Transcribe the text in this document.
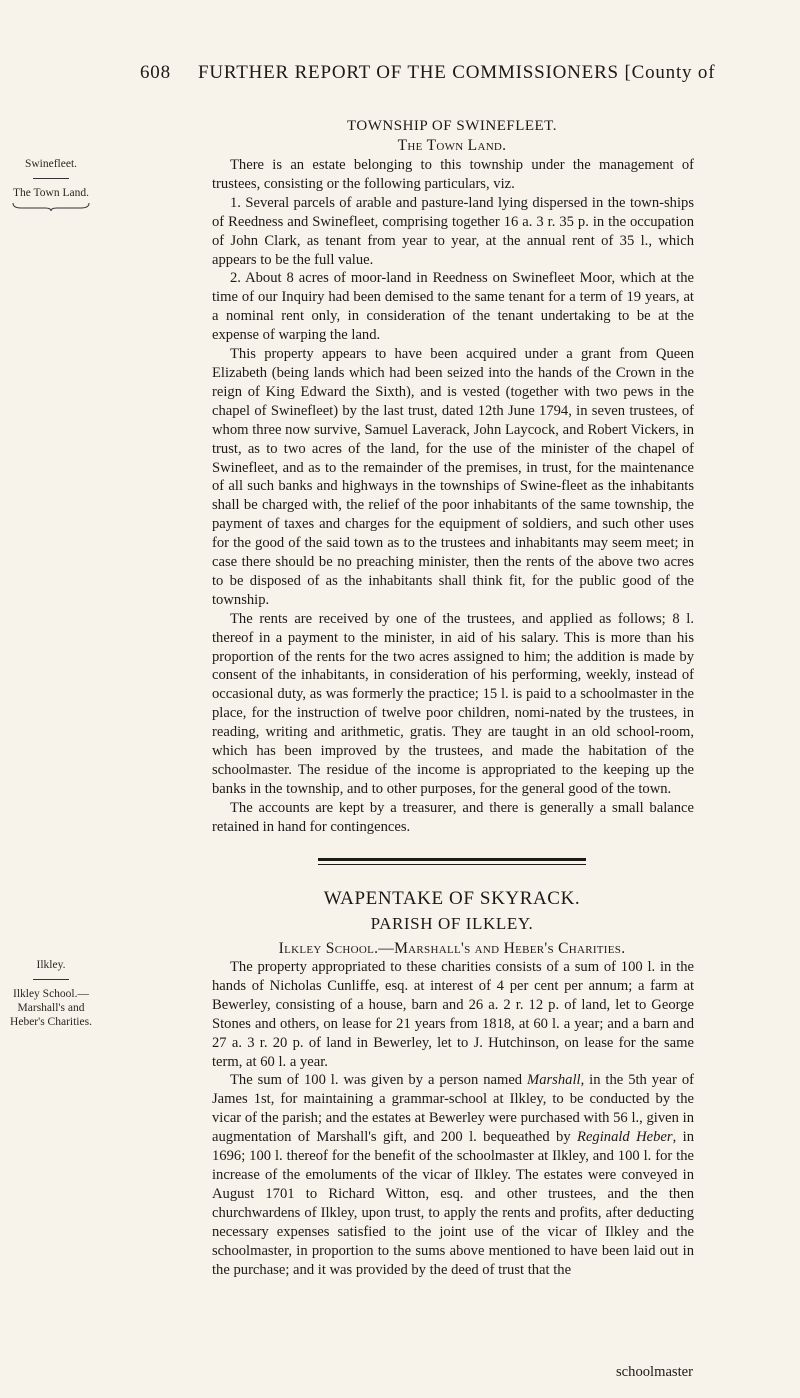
608 FURTHER REPORT OF THE COMMISSIONERS [County of
TOWNSHIP OF SWINEFLEET.
The Town Land.
Swinefleet.
The Town Land.

There is an estate belonging to this township under the management of trustees, consisting or the following particulars, viz.

1. Several parcels of arable and pasture-land lying dispersed in the town-ships of Reedness and Swinefleet, comprising together 16 a. 3 r. 35 p. in the occupation of John Clark, as tenant from year to year, at the annual rent of 35 l., which appears to be the full value.

2. About 8 acres of moor-land in Reedness on Swinefleet Moor, which at the time of our Inquiry had been demised to the same tenant for a term of 19 years, at a nominal rent only, in consideration of the tenant undertaking to be at the expense of warping the land.

This property appears to have been acquired under a grant from Queen Elizabeth (being lands which had been seized into the hands of the Crown in the reign of King Edward the Sixth), and is vested (together with two pews in the chapel of Swinefleet) by the last trust, dated 12th June 1794, in seven trustees, of whom three now survive, Samuel Laverack, John Laycock, and Robert Vickers, in trust, as to two acres of the land, for the use of the minister of the chapel of Swinefleet, and as to the remainder of the premises, in trust, for the maintenance of all such banks and highways in the townships of Swine-fleet as the inhabitants shall be charged with, the relief of the poor inhabitants of the same township, the payment of taxes and charges for the equipment of soldiers, and such other uses for the good of the said town as to the trustees and inhabitants may seem meet; in case there should be no preaching minister, then the rents of the above two acres to be disposed of as the inhabitants shall think fit, for the public good of the township.

The rents are received by one of the trustees, and applied as follows; 8 l. thereof in a payment to the minister, in aid of his salary. This is more than his proportion of the rents for the two acres assigned to him; the addition is made by consent of the inhabitants, in consideration of his performing, weekly, instead of occasional duty, as was formerly the practice; 15 l. is paid to a schoolmaster in the place, for the instruction of twelve poor children, nomi-nated by the trustees, in reading, writing and arithmetic, gratis. They are taught in an old school-room, which has been improved by the trustees, and made the habitation of the schoolmaster. The residue of the income is appropriated to the keeping up the banks in the township, and to other purposes, for the general good of the town.

The accounts are kept by a treasurer, and there is generally a small balance retained in hand for contingences.

WAPENTAKE OF SKYRACK.
PARISH OF ILKLEY.
Ilkley School.—Marshall's and Heber's Charities.
Ilkley.
Ilkley School.— Marshall's and Heber's Charities.

The property appropriated to these charities consists of a sum of 100 l. in the hands of Nicholas Cunliffe, esq. at interest of 4 per cent per annum; a farm at Bewerley, consisting of a house, barn and 26 a. 2 r. 12 p. of land, let to George Stones and others, on lease for 21 years from 1818, at 60 l. a year; and a barn and 27 a. 3 r. 20 p. of land in Bewerley, let to J. Hutchinson, on lease for the same term, at 60 l. a year.

The sum of 100 l. was given by a person named Marshall, in the 5th year of James 1st, for maintaining a grammar-school at Ilkley, to be conducted by the vicar of the parish; and the estates at Bewerley were purchased with 56 l., given in augmentation of Marshall's gift, and 200 l. bequeathed by Reginald Heber, in 1696; 100 l. thereof for the benefit of the schoolmaster at Ilkley, and 100 l. for the increase of the emoluments of the vicar of Ilkley. The estates were conveyed in August 1701 to Richard Witton, esq. and other trustees, and the then churchwardens of Ilkley, upon trust, to apply the rents and profits, after deducting necessary expenses satisfied to the joint use of the vicar of Ilkley and the schoolmaster, in proportion to the sums above mentioned to have been laid out in the purchase; and it was provided by the deed of trust that the

schoolmaster
